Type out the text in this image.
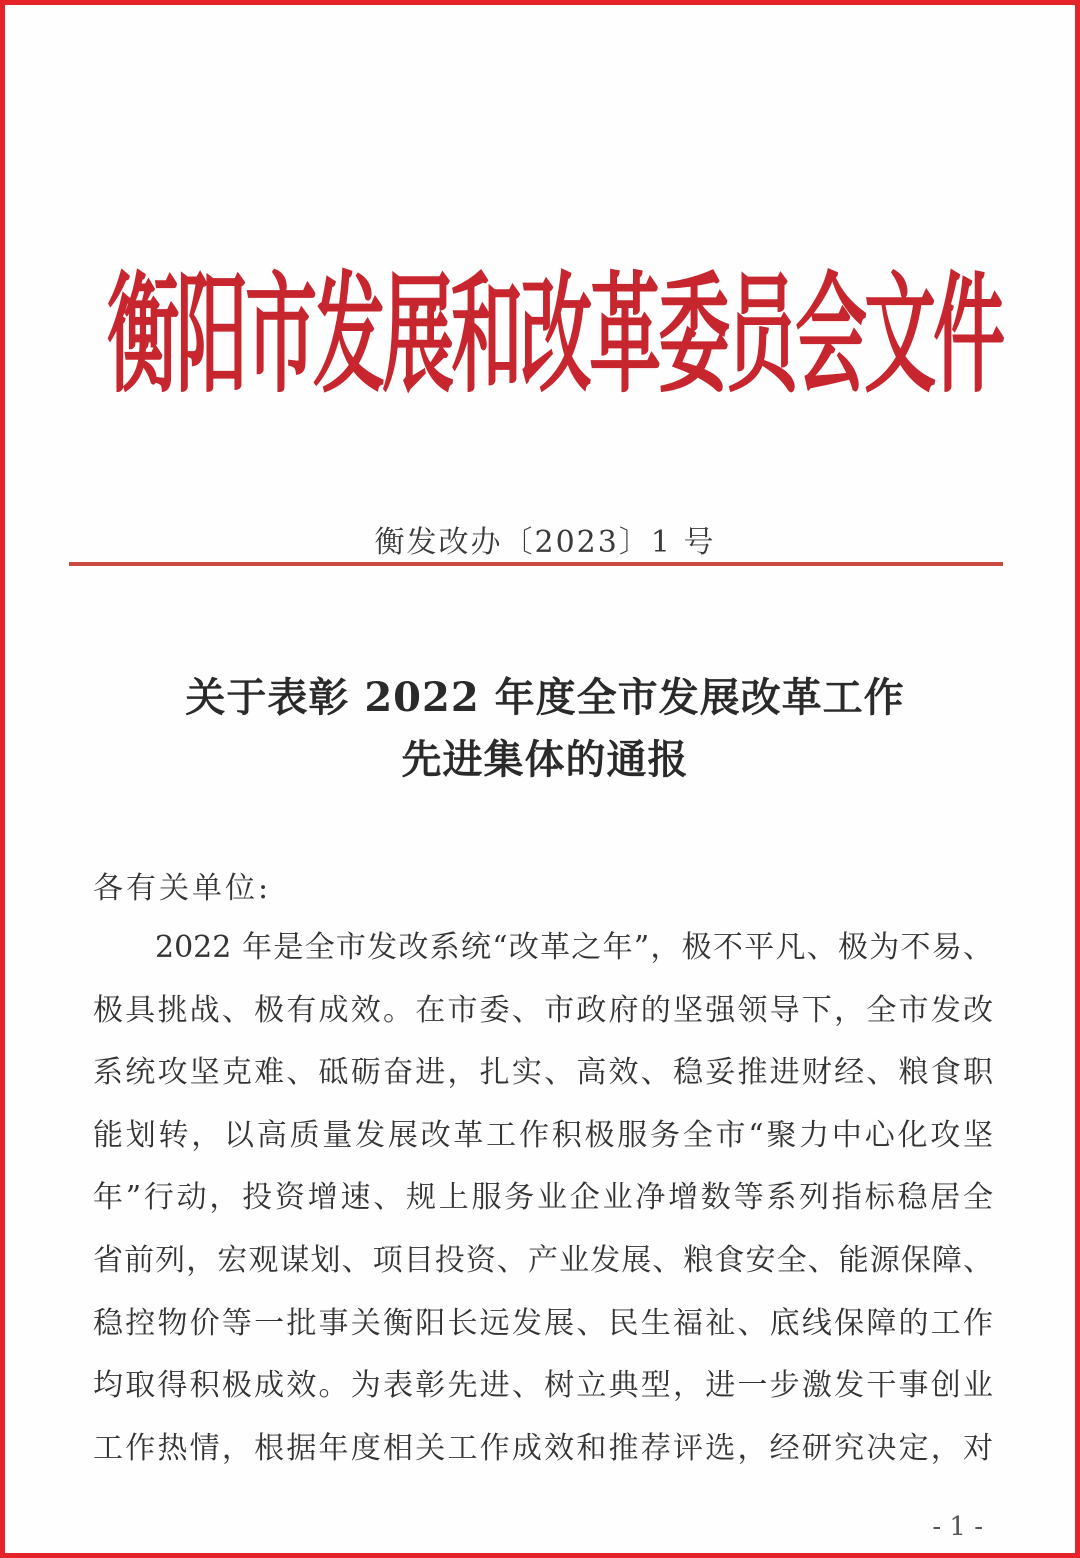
衡
阳
市
发
展
和
改
革
委
员
会
文
件
衡发改办〔2023〕1 号
关于表彰 2022 年度全市发展改革工作
先进集体的通报
各有关单位:
2022 年是全市发改系统“改革之年”，极不平凡、极为不易、
极具挑战、极有成效。在市委、市政府的坚强领导下，全市发改
系统攻坚克难、砥砺奋进，扎实、高效、稳妥推进财经、粮食职
能划转，以高质量发展改革工作积极服务全市“聚力中心化攻坚
年”行动，投资增速、规上服务业企业净增数等系列指标稳居全
省前列，宏观谋划、项目投资、产业发展、粮食安全、能源保障、
稳控物价等一批事关衡阳长远发展、民生福祉、底线保障的工作
均取得积极成效。为表彰先进、树立典型，进一步激发干事创业
工作热情，根据年度相关工作成效和推荐评选，经研究决定，对
- 1 -
